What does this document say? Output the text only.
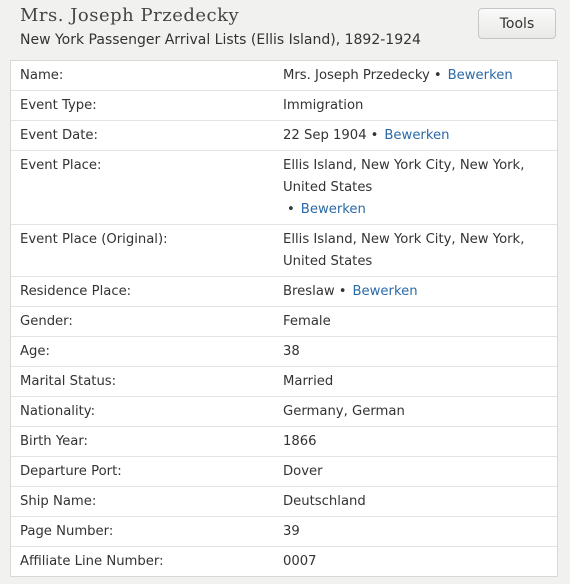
Mrs. Joseph Przedecky
New York Passenger Arrival Lists (Ellis Island), 1892-1924
Tools
Name:	Mrs. Joseph Przedecky • Bewerken
Event Type:	Immigration
Event Date:	22 Sep 1904 • Bewerken
Event Place:	Ellis Island, New York City, New York, United States
• Bewerken
Event Place (Original):	Ellis Island, New York City, New York, United States
Residence Place:	Breslaw • Bewerken
Gender:	Female
Age:	38
Marital Status:	Married
Nationality:	Germany, German
Birth Year:	1866
Departure Port:	Dover
Ship Name:	Deutschland
Page Number:	39
Affiliate Line Number:	0007
